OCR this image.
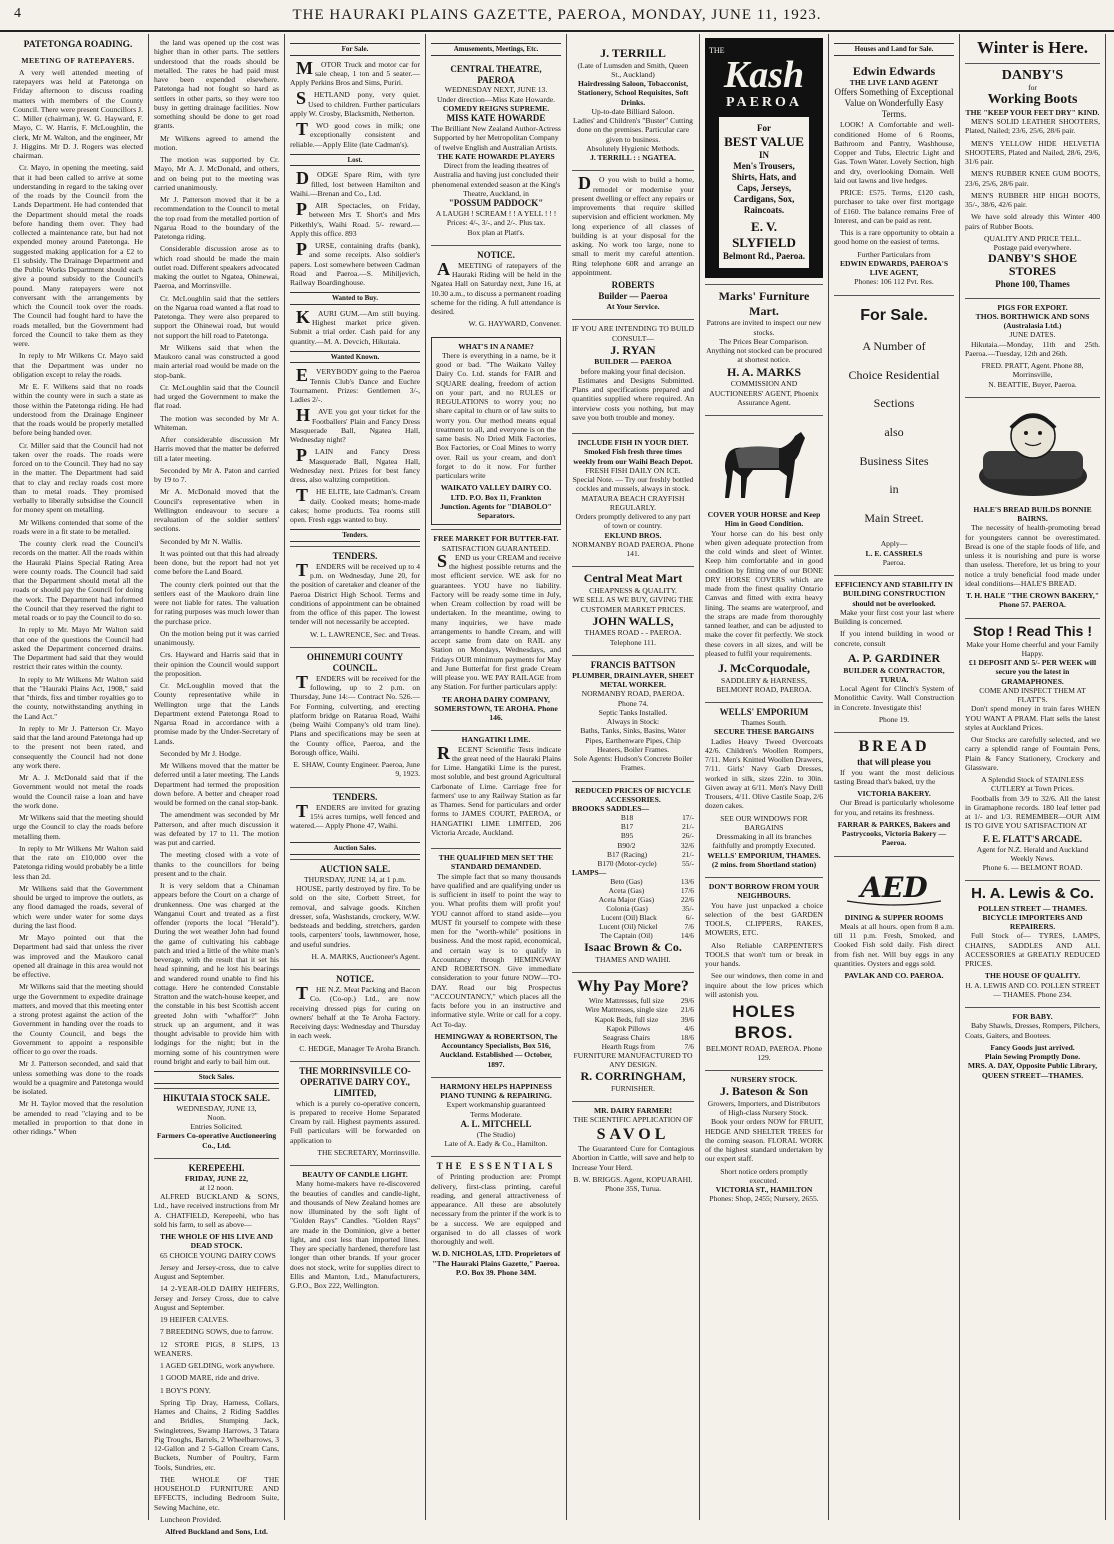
4	THE HAURAKI PLAINS GAZETTE, PAEROA, MONDAY, JUNE 11, 1923.
PATETONGA ROADING.
MEETING OF RATEPAYERS.

A very well attended meeting of ratepayers was held at Patetonga on Friday afternoon to discuss roading matters with members of the County Council. There were present Councillors J. C. Miller (chairman), W. G. Hayward, F. Mayo, C. W. Harris, F. McLoughlin, the clerk, Mr M. Walton, and the engineer, Mr J. Higgins. Mr D. J. Rogers was elected chairman.

Cr. Mayo, in opening the meeting, said that it had been called to arrive at some understanding in regard to the taking over of the roads by the Council from the Lands Department. He had contended that the Department should metal the roads before handing them over. They had collected a maintenance rate, but had not expended money around Patetonga. He suggested making application for a £2 to £1 subsidy. The Drainage Department and the Public Works Department should each give a pound subsidy to the Council's pound. Many ratepayers were not conversant with the arrangements by which the Council took over the roads. The Council had fought hard to have the roads metalled, but the Government had forced the Council to take them as they were.

In reply to Mr Wilkens Cr. Mayo said that the Department was under no obligation except to relay the roads.

Mr E. F. Wilkens said that no roads within the county were in such a state as those within the Patetonga riding. He had understood from the Drainage Engineer that the roads would be properly metalled before being handed over.

Cr. Miller said that the Council had not taken over the roads. The roads were forced on to the Council. They had no say in the matter. The Department had said that to clay and reclay roads cost more than to metal roads. They promised verbally to liberally subsidise the Council for money spent on metalling.

Mr Wilkens contended that some of the roads were in a fit state to be metalled.

The county clerk read the Council's records on the matter. All the roads within the Hauraki Plains Special Rating Area were county roads. The Council had said that the Department should metal all the roads or should pay the Council for doing the work. The Department had informed the Council that they reserved the right to metal roads or to pay the Council to do so.

In reply to Mr. Mayo Mr Walton said that one of the questions the Council had asked the Department concerned drains. The Department had said that they would restrict their rates within the county.

In reply to Mr Wilkens Mr Walton said that the "Hauraki Plains Act, 1908," said that "thirds, fixs and timber royalties go to the county, notwithstanding anything in the Land Act."

In reply to Mr J. Patterson Cr. Mayo said that the land around Patetonga had up to the present not been rated, and consequently the Council had not done any work there.

Mr A. J. McDonald said that if the Government would not metal the roads would the Council raise a loan and have the work done.

Mr Wilkens said that the meeting should urge the Council to clay the roads before metalling them.

In reply to Mr Wilkens Mr Walton said that the rate on £10,000 over the Patetonga riding would probably be a little less than 2d.

Mr Wilkens said that the Government should be urged to improve the outlets, as any flood damaged the roads, several of which were under water for some days during the last flood.

Mr Mayo pointed out that the Department had said that unless the river was improved and the Maukoro canal opened all drainage in this area would not be effective.

Mr Wilkens said that the meeting should urge the Government to expedite drainage matters, and moved that this meeting enter a strong protest against the action of the Government in handing over the roads to the County Council, and begs the Government to appoint a responsible officer to go over the roads.

Mr J. Patterson seconded, and said that unless something was done to the roads would be a quagmire and Patetonga would be isolated.

Mr H. Taylor moved that the resolution be amended to read "claying and to be metalled in proportion to that done in other ridings." When

the land was opened up the cost was higher than in other parts. The settlers understood that the roads should be metalled. The rates he had paid must have been expended elsewhere. Patetonga had not fought so hard as settlers in other parts, so they were too busy in getting drainage facilities. Now something should be done to get road grants.

Mr Wilkens agreed to amend the motion.

The motion was supported by Cr. Mayo, Mr A. J. McDonald, and others, and on being put to the meeting was carried unanimously.

Mr J. Patterson moved that it be a recommendation to the Council to metal the top road from the metalled portion of Ngarua Road to the boundary of the Patetonga riding.

Considerable discussion arose as to which road should be made the main outlet road. Different speakers advocated making the outlet to Ngatea, Ohinewai, Paeroa, and Morrinsville.

Cr. McLoughlin said that the settlers on the Ngarua road wanted a flat road to Patetonga. They were also prepared to support the Ohinewai road, but would not support the hill road to Patetonga.

Mr Wilkens said that when the Maukoro canal was constructed a good main arterial road would be made on the stop-bank.

Cr. McLoughlin said that the Council had urged the Government to make the flat road.

The motion was seconded by Mr A. Whiteman.

After considerable discussion Mr Harris moved that the matter be deferred till a later meeting.

Seconded by Mr A. Paton and carried by 19 to 7.

Mr A. McDonald moved that the Council's representative when in Wellington endeavour to secure a revaluation of the soldier settlers' sections.

Seconded by Mr N. Wallis.

It was pointed out that this had already been done, but the report had not yet come before the Land Board.

The county clerk pointed out that the settlers east of the Maukoro drain line were not liable for rates. The valuation for rating purposes was much lower than the purchase price.

On the motion being put it was carried unanimously.

Crs. Hayward and Harris said that in their opinion the Council would support the proposition.

Cr. McLoughlin moved that the County representative while in Wellington urge that the Lands Department extend Patetonga Road to Ngarua Road in accordance with a promise made by the Under-Secretary of Lands.

Seconded by Mr J. Hodge.

Mr Wilkens moved that the matter be deferred until a later meeting. The Lands Department had termed the proposition down before. A better and cheaper road would be formed on the canal stop-bank.

The amendment was seconded by Mr Patterson, and after much discussion it was defeated by 17 to 11. The motion was put and carried.

The meeting closed with a vote of thanks to the councillors for being present and to the chair.

It is very seldom that a Chinaman appears before the Court on a charge of drunkenness. One was charged at the Wanganui Court and treated as a first offender (reports the local "Herald"). During the wet weather John had found the game of cultivating his cabbage patch and tried a little of the white man's beverage, with the result that it set his head spinning, and he lost his bearings and wandered round unable to find his cottage. Here he contended Constable Stratton and the watch-house keeper, and the constable in his best Scottish accent greeted John with "whaffor?" John struck up an argument, and it was thought advisable to provide him with lodgings for the night; but in the morning some of his countrymen were round bright and early to bail him out.

Stock Sales.
HIKUTAIA STOCK SALE.
WEDNESDAY, JUNE 13,
Noon.
Entries Solicited.
Farmers Co-operative Auctioneering Co., Ltd.
KEREPEEHI.
FRIDAY, JUNE 22,
at 12 noon.

ALFRED BUCKLAND & SONS, Ltd., have received instructions from Mr A. CHATFIELD, Kerepeehi, who has sold his farm, to sell as above—

THE WHOLE OF HIS LIVE AND DEAD STOCK.

65 CHOICE YOUNG DAIRY COWS

Jersey and Jersey-cross, due to calve August and September.

14 2-YEAR-OLD DAIRY HEIFERS, Jersey and Jersey Cross, due to calve August and September.

19 HEIFER CALVES.

7 BREEDING SOWS, due to farrow.

12 STORE PIGS, 8 SLIPS, 13 WEANERS.

1 AGED GELDING, work anywhere.

1 GOOD MARE, ride and drive.

1 BOY'S PONY.

Spring Tip Dray, Harness, Collars, Hames and Chains, 2 Riding Saddles and Bridles, Stumping Jack, Swingletrees, Swamp Harrows, 3 Tatara Pig Troughs, Barrels, 2 Wheelbarrows, 3 12-Gallon and 2 5-Gallon Cream Cans, Buckets, Number of Poultry, Farm Tools, Sundries, etc.

THE WHOLE OF THE HOUSEHOLD FURNITURE AND EFFECTS, including Bedroom Suite, Sewing Machine, etc.

Luncheon Provided.

Alfred Buckland and Sons, Ltd.
For Sale.

MOTOR Truck and motor car for sale cheap, 1 ton and 5 seater.—Apply Perkins Bros and Sims, Puriri.

SHETLAND pony, very quiet. Used to children. Further particulars apply W. Crosby, Blacksmith, Netherton.

TWO good cows in milk; one exceptionally consistent and reliable.—Apply Elite (late Cadman's).

Lost.

DODGE Spare Rim, with tyre filled, lost between Hamilton and Waihi.—Brenan and Co., Ltd.

PAIR Spectacles, on Friday, between Mrs T. Short's and Mrs Pitkethly's, Waihi Road. 5/- reward.—Apply this office. 893

PURSE, containing drafts (bank), and some receipts. Also soldier's papers. Lost somewhere between Cadman Road and Paeroa.—S. Mihiljevich, Railway Boardinghouse.

Wanted to Buy.

KAURI GUM.—Am still buying. Highest market price given. Submit a trial order. Cash paid for any quantity.—M. A. Devcich, Hikutaia.

Wanted Known.

EVERYBODY going to the Paeroa Tennis Club's Dance and Euchre Tournament. Prizes: Gentlemen 3/-, Ladies 2/-.

HAVE you got your ticket for the Footballers' Plain and Fancy Dress Masquerade Ball, Ngatea Hall, Wednesday night?

PLAIN and Fancy Dress Masquerade Ball, Ngatea Hall, Wednesday next. Prizes for best fancy dress, also waltzing competition.

THE ELITE, late Cadman's. Cream daily. Cooked meats; home-made cakes; home products. Tea rooms still open. Fresh eggs wanted to buy.

Tenders.
TENDERS.

TENDERS will be received up to 4 p.m. on Wednesday, June 20, for the position of caretaker and cleaner of the Paeroa District High School. Terms and conditions of appointment can be obtained from the office of this paper. The lowest tender will not necessarily be accepted.

W. L. LAWRENCE, Sec. and Treas.
OHINEMURI COUNTY COUNCIL.

TENDERS will be received for the following, up to 2 p.m. on Thursday, June 14:— Contract No. 526.—For Forming, culverting, and erecting platform bridge on Ratarua Road, Waihi (being Waihi Company's old tram line). Plans and specifications may be seen at the County office, Paeroa, and the Borough office, Waihi.

E. SHAW, County Engineer. Paeroa, June 9, 1923.
TENDERS.

TENDERS are invited for grazing 15¼ acres turnips, well fenced and watered.— Apply Phone 47, Waihi.

Auction Sales.
AUCTION SALE.
THURSDAY, JUNE 14, at 1 p.m.

HOUSE, partly destroyed by fire. To be sold on the site, Corbett Street, for removal, and salvage goods. Kitchen dresser, sofa, Washstands, crockery, W.W. bedsteads and bedding, stretchers, garden tools, carpenters' tools, lawnmower, hose, and useful sundries.

H. A. MARKS, Auctioneer's Agent.
NOTICE.

THE N.Z. Meat Packing and Bacon Co. (Co-op.) Ltd., are now receiving dressed pigs for curing on owners' behalf at the Te Aroha Factory. Receiving days: Wednesday and Thursday in each week.

C. HEDGE, Manager Te Aroha Branch.
THE MORRINSVILLE CO-OPERATIVE DAIRY COY., LIMITED,

which is a purely co-operative concern, is prepared to receive Home Separated Cream by rail. Highest payments assured. Full particulars will be forwarded on application to

THE SECRETARY, Morrinsville.
BEAUTY OF CANDLE LIGHT.

Many home-makers have re-discovered the beauties of candles and candle-light, and thousands of New Zealand homes are now illuminated by the soft light of "Golden Rays" Candles. "Golden Rays" are made in the Dominion, give a better light, and cost less than imported lines. They are specially hardened, therefore last longer than other brands. If your grocer does not stock, write for supplies direct to Ellis and Manton, Ltd., Manufacturers, G.P.O., Box 222, Wellington.

Amusements, Meetings, Etc.
CENTRAL THEATRE, PAEROA
WEDNESDAY NEXT, JUNE 13.
Under direction—Miss Kate Howarde.
COMEDY REIGNS SUPREME.
MISS KATE HOWARDE
The Brilliant New Zealand Author-Actress
Supported by her Metropolitan Company of twelve English and Australian Artists.
THE KATE HOWARDE PLAYERS
Direct from the leading theatres of Australia and having just concluded their phenomenal extended season at the King's Theatre, Auckland, in
"POSSUM PADDOCK"
A LAUGH ! SCREAM ! ! A YELL ! ! !
Prices: 4/-, 3/-, and 2/-. Plus tax.
Box plan at Platt's.
NOTICE.

AMEETING of ratepayers of the Hauraki Riding will be held in the Ngatea Hall on Saturday next, June 16, at 10.30 a.m., to discuss a permanent roading scheme for the riding. A full attendance is desired.

W. G. HAYWARD, Convener.
WHAT'S IN A NAME?

There is everything in a name, be it good or bad. "The Waikato Valley Dairy Co. Ltd. stands for FAIR and SQUARE dealing, freedom of action on your part, and no RULES or REGULATIONS to worry you; no share capital to churn or of law suits to worry you. Our method means equal treatment to all, and everyone is on the same basis. No Dried Milk Factories, Box Factories, or Coal Mines to worry over. Rail us your cream, and don't forget to do it now. For further particulars write

WAIKATO VALLEY DAIRY CO. LTD. P.O. Box 11, Frankton Junction. Agents for "DIABOLO" Separators.
FREE MARKET FOR BUTTER-FAT.
SATISFACTION GUARANTEED.

SEND us your CREAM and receive the highest possible returns and the most efficient service. WE ask for no guarantees. YOU have no liability. Factory will be ready some time in July, when Cream collection by road will be undertaken. In the meantime, owing to many inquiries, we have made arrangements to handle Cream, and will accept same from date on RAIL any Station on Mondays, Wednesdays, and Fridays OUR minimum payments for May and June Butterfat for first grade Cream will please you. WE PAY RAILAGE from any Station. For further particulars apply:

TE AROHA DAIRY COMPANY, SOMERSTOWN, TE AROHA. Phone 146.
HANGATIKI LIME.

RECENT Scientific Tests indicate the great need of the Hauraki Plains for Lime. Hangatiki Lime is the purest, most soluble, and best ground Agricultural Carbonate of Lime. Carriage free for farmers' use to any Railway Station as far as Thames. Send for particulars and order forms to JAMES COURT, PAEROA, or HANGATIKI LIME LIMITED, 206 Victoria Arcade, Auckland.

THE QUALIFIED MEN SET THE STANDARD DEMANDED.

The simple fact that so many thousands have qualified and are qualifying under us is sufficient in itself to point the way to you. What profits them will profit you! YOU cannot afford to stand aside—you MUST fit yourself to compete with these men for the "worth-while" positions in business. And the most rapid, economical, and certain way is to qualify in Accountancy through HEMINGWAY AND ROBERTSON. Give immediate consideration to your future NOW—TO-DAY. Read our big Prospectus "ACCOUNTANCY," which places all the facts before you in an instructive and informative style. Write or call for a copy. Act To-day.

HEMINGWAY & ROBERTSON, The Accountancy Specialists, Box 516, Auckland. Established — October, 1897.
HARMONY HELPS HAPPINESS
PIANO TUNING & REPAIRING.
Expert workmanship guaranteed
Terms Moderate.
A. L. MITCHELL
(The Studio)
Late of A. Eady & Co., Hamilton.
THE ESSENTIALS

of Printing production are: Prompt delivery, first-class printing, careful reading, and general attractiveness of appearance. All these are absolutely necessary from the printer if the work is to be a success. We are equipped and organised to do all classes of work thoroughly and well.

W. D. NICHOLAS, LTD. Proprietors of "The Hauraki Plains Gazette," Paeroa. P.O. Box 39. Phone 34M.
J. TERRILL
(Late of Lumsden and Smith, Queen St., Auckland)
Hairdressing Saloon, Tobacconist, Stationery, School Requisites, Soft Drinks.
Up-to-date Billiard Saloon.
Ladies' and Children's "Buster" Cutting done on the premises. Particular care given to business.
Absolutely Hygienic Methods.
J. TERRILL : : NGATEA.

DO you wish to build a home, remodel or modernise your present dwelling or effect any repairs or improvements that require skilled supervision and efficient workmen. My long experience of all classes of building is at your disposal for the asking. No work too large, none to small to merit my careful attention. Ring telephone 60R and arrange an appointment.

ROBERTS
Builder — Paeroa
At Your Service.
IF YOU ARE INTENDING TO BUILD CONSULT—
J. RYAN
BUILDER — PAEROA
before making your final decision.

Estimates and Designs Submitted. Plans and specifications prepared and quantities supplied where required. An interview costs you nothing, but may save you both trouble and money.

INCLUDE FISH IN YOUR DIET.
Smoked Fish fresh three times weekly from our Waihi Beach Depot.
FRESH FISH DAILY ON ICE.
Special Note. — Try our freshly bottled cockles and mussels, always in stock.
MATAURA BEACH CRAYFISH REGULARLY.
Orders promptly delivered to any part of town or country.
EKLUND BROS.
NORMANBY ROAD PAEROA. Phone 141.
Central Meat Mart
CHEAPNESS & QUALITY.
WE SELL AS WE BUY, GIVING THE CUSTOMER MARKET PRICES.
JOHN WALLS,
THAMES ROAD - - PAEROA.
Telephone 111.
FRANCIS BATTSON
PLUMBER, DRAINLAYER, SHEET METAL WORKER.
NORMANBY ROAD, PAEROA. Phone 74.
Septic Tanks Installed.
Always in Stock:
Baths, Tanks, Sinks, Basins, Water Pipes, Earthenware Pipes, Chip Heaters, Boiler Frames.
Sole Agents: Hudson's Concrete Boiler Frames.
REDUCED PRICES OF BICYCLE ACCESSORIES.
BROOKS SADDLES—
B18	17/-
B17	21/-
B95	26/-
B90/2	32/6
B17 (Racing)	21/-
B170 (Motor-cycle)	55/-
LAMPS—
Beto (Gas)	13/6
Aceta (Gas)	17/6
Aceta Major (Gas)	22/6
Colonia (Gas)	35/-
Lucent (Oil) Black	6/-
Lucent (Oil) Nickel	7/6
The Captain (Oil)	14/6
Isaac Brown & Co.
THAMES AND WAIHI.
Why Pay More?
Wire Mattresses, full size	29/6
Wire Mattresses, single size	21/6
Kapok Beds, full size	39/6
Kapok Pillows	4/6
Seagrass Chairs	18/6
Hearth Rugs from	7/6
FURNITURE MANUFACTURED TO ANY DESIGN.
R. CORRINGHAM,
FURNISHER.
MR. DAIRY FARMER!
THE SCIENTIFIC APPLICATION OF
SAVOL

The Guaranteed Cure for Contagious Abortion in Cattle, will save and help to Increase Your Herd.

B. W. BRIGGS. Agent, KOPUARAHI. Phone 35S, Turua.
THE
Kash
PAEROA
For
BEST VALUE
IN
Men's Trousers, Shirts, Hats, and Caps, Jerseys, Cardigans, Sox, Raincoats.
E. V. SLYFIELD
Belmont Rd., Paeroa.
Marks' Furniture Mart.
Patrons are invited to inspect our new stocks.
The Prices Bear Comparison.
Anything not stocked can be procured at shortest notice.
H. A. MARKS
COMMISSION AND AUCTIONEERS' AGENT, Phoenix Assurance Agent.
COVER YOUR HORSE and Keep Him in Good Condition.

Your horse can do his best only when given adequate protection from the cold winds and sleet of Winter. Keep him comfortable and in good condition by fitting one of our BONE DRY HORSE COVERS which are made from the finest quality Ontario Canvas and fitted with extra heavy lining. The seams are waterproof, and the straps are made from thoroughly tanned leather, and can be adjusted to make the cover fit perfectly. We stock these covers in all sizes, and will be pleased to fulfil your requirements.

J. McCorquodale,
SADDLERY & HARNESS, BELMONT ROAD, PAEROA.
WELLS' EMPORIUM
Thames South.
SECURE THESE BARGAINS

Ladies Heavy Tweed Overcoats 42/6. Children's Woollen Rompers, 7/11. Men's Knitted Woollen Drawers, 7/11. Girls' Navy Garb Dresses, worked in silk, sizes 22in. to 30in. Given away at 6/11. Men's Navy Drill Trousers, 4/11. Olive Castile Soap, 2/6 dozen cakes.

SEE OUR WINDOWS FOR BARGAINS
Dressmaking in all its branches faithfully and promptly Executed.
WELLS' EMPORIUM, THAMES. (2 mins. from Shortland station)
DON'T BORROW FROM YOUR NEIGHBOURS.

You have just unpacked a choice selection of the best GARDEN TOOLS, CLIPPERS, RAKES, MOWERS, ETC.

Also Reliable CARPENTER'S TOOLS that won't turn or break in your hands.

See our windows, then come in and inquire about the low prices which will astonish you.

HOLES BROS.
BELMONT ROAD, PAEROA. Phone 129.
NURSERY STOCK.
J. Bateson & Son
Growers, Importers, and Distributors of High-class Nursery Stock.

Book your orders NOW for FRUIT, HEDGE AND SHELTER TREES for the coming season. FLORAL WORK of the highest standard undertaken by our expert staff.

Short notice orders promptly executed.
VICTORIA ST., HAMILTON
Phones: Shop, 2455; Nursery, 2655.
Houses and Land for Sale.
Edwin Edwards
THE LIVE LAND AGENT
Offers Something of Exceptional Value on Wonderfully Easy Terms.

LOOK! A Comfortable and well-conditioned Home of 6 Rooms, Bathroom and Pantry, Washhouse, Copper and Tubs, Electric Light and Gas. Town Water. Lovely Section, high and dry, overlooking Domain. Well laid out lawns and live hedges.

PRICE: £575. Terms, £120 cash, purchaser to take over first mortgage of £160. The balance remains Free of Interest, and can be paid as rent.

This is a rare opportunity to obtain a good home on the easiest of terms.

Further Particulars from
EDWIN EDWARDS, PAEROA'S LIVE AGENT,
Phones: 106 112 Pvt. Res.
For Sale.
A Number of
Choice Residential
Sections
also
Business Sites
in
Main Street.
Apply—
L. E. CASSRELS
Paeroa.
EFFICIENCY AND STABILITY IN BUILDING CONSTRUCTION should not be overlooked.

Make your first cost your last where Building is concerned.

If you intend building in wood or concrete, consult

A. P. GARDINER
BUILDER & CONTRACTOR, TURUA.

Local Agent for Clinch's System of Monolithic Cavity. Wall Construction in Concrete. Investigate this!

Phone 19.
BREAD
that will please you

If you want the most delicious tasting Bread that's baked, try the

VICTORIA BAKERY.

Our Bread is particularly wholesome for you, and retains its freshness.

FARRAR & PARKES, Bakers and Pastrycooks, Victoria Bakery — Paeroa.
AED
DINING & SUPPER ROOMS

Meals at all hours. open from 8 a.m. till 11 p.m. Fresh, Smoked, and Cooked Fish sold daily. Fish direct from fish net. Will buy eggs in any quantities. Oysters and eggs sold.

PAVLAK AND CO. PAEROA.
Winter is Here.
DANBY'S
for
Working Boots
THE "KEEP YOUR FEET DRY" KIND.

MEN'S SOLID LEATHER SHOOTERS, Plated, Nailed; 23/6, 25/6, 28/6 pair.

MEN'S YELLOW HIDE HELVETIA SHOOTERS, Plated and Nailed, 28/6, 29/6, 31/6 pair.

MEN'S RUBBER KNEE GUM BOOTS, 23/6, 25/6, 28/6 pair.

MEN'S RUBBER HIP HIGH BOOTS, 35/-, 38/6, 42/6 pair.

We have sold already this Winter 400 pairs of Rubber Boots.

QUALITY AND PRICE TELL.
Postage paid everywhere.
DANBY'S SHOE STORES
Phone 100, Thames
PIGS FOR EXPORT.
THOS. BORTHWICK AND SONS (Australasia Ltd.)
JUNE DATES.

Hikutaia.—Monday, 11th and 25th. Paeroa.—Tuesday, 12th and 26th.

FRED. PRATT, Agent. Phone 88, Morrinsville,
N. BEATTIE, Buyer, Paeroa.
HALE'S BREAD BUILDS BONNIE BAIRNS.

The necessity of health-promoting bread for youngsters cannot be overestimated. Bread is one of the staple foods of life, and unless it is nourishing and pure is worse than useless. Therefore, let us bring to your notice a truly beneficial food made under ideal conditions—HALE'S BREAD.

T. H. HALE "THE CROWN BAKERY," Phone 57. PAEROA.
Stop ! Read This !
Make your Home cheerful and your Family Happy.
£1 DEPOSIT AND 5/- PER WEEK will secure you the latest in GRAMAPHONES.
COME AND INSPECT THEM AT FLATT'S.

Don't spend money in train fares WHEN YOU WANT A PRAM. Flatt sells the latest styles at Auckland Prices.

Our Stocks are carefully selected, and we carry a splendid range of Fountain Pens, Plain & Fancy Stationery, Crockery and Glassware.

A Splendid Stock of STAINLESS CUTLERY at Town Prices.

Footballs from 3/9 to 32/6. All the latest in Gramaphone records. 180 leaf letter pad at 1/- and 1/3. REMEMBER—OUR AIM IS TO GIVE YOU SATISFACTION AT

F. E. FLATT'S ARCADE.
Agent for N.Z. Herald and Auckland Weekly News.
Phone 6. — BELMONT ROAD.
H. A. Lewis & Co.
POLLEN STREET — THAMES.
BICYCLE IMPORTERS AND REPAIRERS.

Full Stock of— TYRES, LAMPS, CHAINS, SADDLES AND ALL ACCESSORIES at GREATLY REDUCED PRICES.

THE HOUSE OF QUALITY.
H. A. LEWIS AND CO. POLLEN STREET — THAMES. Phone 234.
FOR BABY.

Baby Shawls, Dresses, Rompers, Pilchers, Coats, Gaiters, and Bootees.

Fancy Goods just arrived.
Plain Sewing Promptly Done.
MRS. A. DAY, Opposite Public Library, QUEEN STREET—THAMES.
